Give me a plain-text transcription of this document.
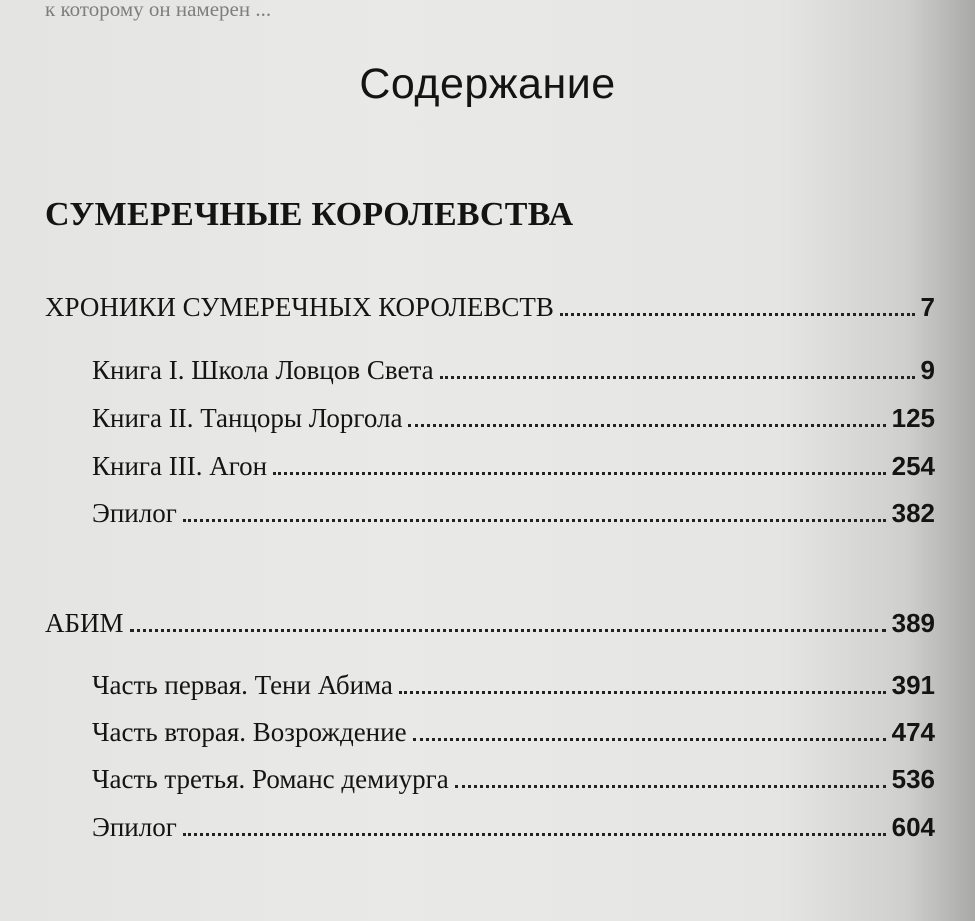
к которому он намерен ...
Содержание
СУМЕРЕЧНЫЕ КОРОЛЕВСТВА
ХРОНИКИ СУМЕРЕЧНЫХ КОРОЛЕВСТВ	7
Книга I. Школа Ловцов Света	9
Книга II. Танцоры Лоргола	125
Книга III. Агон	254
Эпилог	382
АБИМ	389
Часть первая. Тени Абима	391
Часть вторая. Возрождение	474
Часть третья. Романс демиурга	536
Эпилог	604
